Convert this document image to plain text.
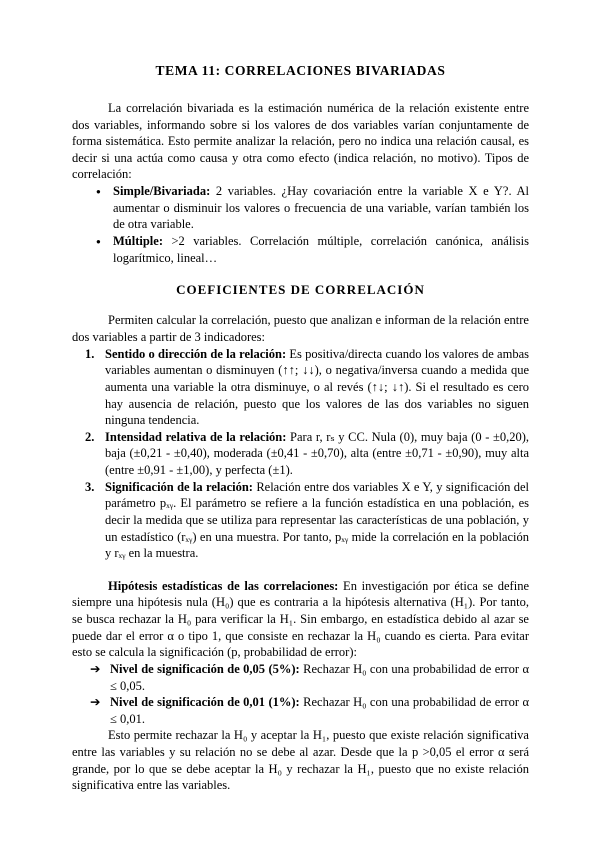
TEMA 11: CORRELACIONES BIVARIADAS

La correlación bivariada es la estimación numérica de la relación existente entre dos variables, informando sobre si los valores de dos variables varían conjuntamente de forma sistemática. Esto permite analizar la relación, pero no indica una relación causal, es decir si una actúa como causa y otra como efecto (indica relación, no motivo). Tipos de correlación:

● Simple/Bivariada: 2 variables. ¿Hay covariación entre la variable X e Y?. Al aumentar o disminuir los valores o frecuencia de una variable, varían también los de otra variable.

● Múltiple: >2 variables. Correlación múltiple, correlación canónica, análisis logarítmico, lineal…

COEFICIENTES DE CORRELACIÓN

Permiten calcular la correlación, puesto que analizan e informan de la relación entre dos variables a partir de 3 indicadores:

1. Sentido o dirección de la relación: Es positiva/directa cuando los valores de ambas variables aumentan o disminuyen (↑↑; ↓↓), o negativa/inversa cuando a medida que aumenta una variable la otra disminuye, o al revés (↑↓; ↓↑). Si el resultado es cero hay ausencia de relación, puesto que los valores de las dos variables no siguen ninguna tendencia.

2. Intensidad relativa de la relación: Para r, rₛ y CC. Nula (0), muy baja (0 - ±0,20), baja (±0,21 - ±0,40), moderada (±0,41 - ±0,70), alta (entre ±0,71 - ±0,90), muy alta (entre ±0,91 - ±1,00), y perfecta (±1).

3. Significación de la relación: Relación entre dos variables X e Y, y significación del parámetro pₓᵧ. El parámetro se refiere a la función estadística en una población, es decir la medida que se utiliza para representar las características de una población, y un estadístico (rₓᵧ) en una muestra. Por tanto, pₓᵧ mide la correlación en la población y rₓᵧ en la muestra.

Hipótesis estadísticas de las correlaciones: En investigación por ética se define siempre una hipótesis nula (H₀) que es contraria a la hipótesis alternativa (H₁). Por tanto, se busca rechazar la H₀ para verificar la H₁. Sin embargo, en estadística debido al azar se puede dar el error α o tipo 1, que consiste en rechazar la H₀ cuando es cierta. Para evitar esto se calcula la significación (p, probabilidad de error):

➔ Nivel de significación de 0,05 (5%): Rechazar H₀ con una probabilidad de error α ≤ 0,05.

➔ Nivel de significación de 0,01 (1%): Rechazar H₀ con una probabilidad de error α ≤ 0,01.

Esto permite rechazar la H₀ y aceptar la H₁, puesto que existe relación significativa entre las variables y su relación no se debe al azar. Desde que la p >0,05 el error α será grande, por lo que se debe aceptar la H₀ y rechazar la H₁, puesto que no existe relación significativa entre las variables.
